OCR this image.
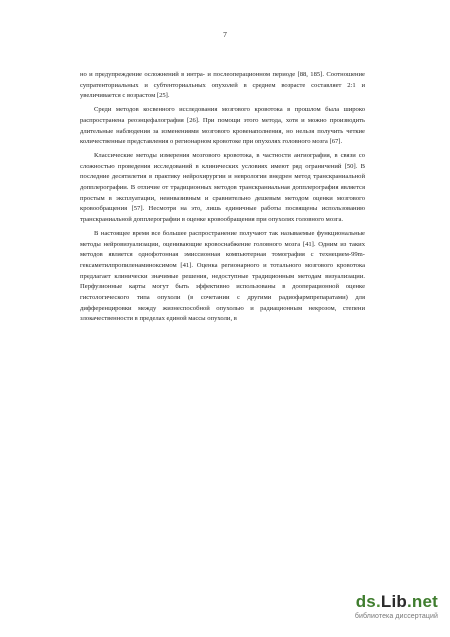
7

но и предупреждение осложнений в интра- и послеоперационном периоде [88, 185]. Соотношение супратенториальных и субтенториальных опухолей в среднем возрасте составляет 2:1 и увеличивается с возрастом [25].

Среди методов косвенного исследования мозгового кровотока в прошлом была широко распространена реоэнцефалография [26]. При помощи этого метода, хотя и можно производить длительные наблюдения за изменениями мозгового кровенаполнения, но нельзя получить четкие количественные представления о регионарном кровотоке при опухолях головного мозга [67].

Классические методы измерения мозгового кровотока, в частности ангиография, в связи со сложностью проведения исследований в клинических условиях имеют ряд ограничений [50]. В последние десятилетия в практику нейрохирургии и неврологии внедрен метод транскраниальной допплерографии. В отличие от традиционных методов транскраниальная допплерография является простым в эксплуатации, неинвазивным и сравнительно дешевым методом оценки мозгового кровообращения [57]. Несмотря на это, лишь единичные работы посвящены использованию транскраниальной допплерографии в оценке кровообращения при опухолях головного мозга.

В настоящее время все большее распространение получают так называемые функциональные методы нейровизуализации, оценивающие кровоснабжение головного мозга [41]. Одним из таких методов является однофотонная эмиссионная компьютерная томография с технецием-99m-гексаметилпропиленаминоксимом [41]. Оценка регионарного и тотального мозгового кровотока предлагает клинически значимые решения, недоступные традиционным методам визуализации. Перфузионные карты могут быть эффективно использованы в дооперационной оценке гистологического типа опухоли (в сочетании с другими радиофармпрепаратами) для дифференцировки между жизнеспособной опухолью и радиационным некрозом, степени злокачественности в пределах единой массы опухоли, в

ds.Lib.net
библиотека диссертаций
